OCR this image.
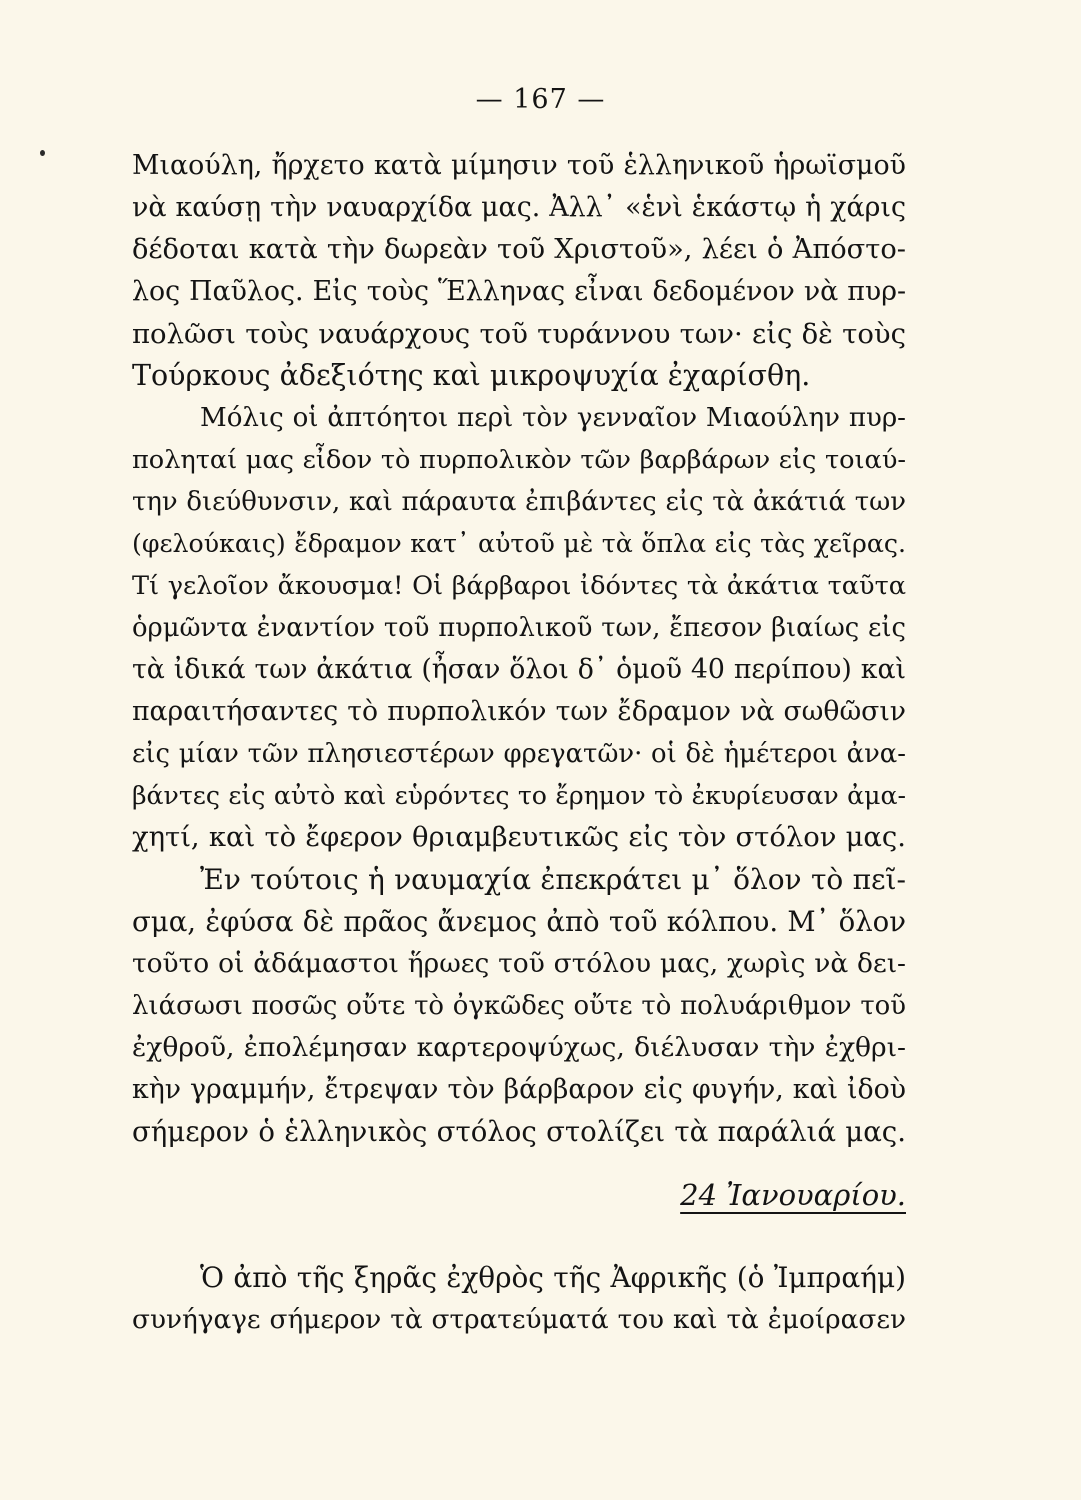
— 167 —
Μιαούλη, ἤρχετο κατὰ μίμησιν τοῦ ἑλληνικοῦ ἡρωϊσμοῦ
νὰ καύσῃ τὴν ναυαρχίδα μας. Ἀλλ᾽ «ἑνὶ ἑκάστῳ ἡ χάρις
δέδοται κατὰ τὴν δωρεὰν τοῦ Χριστοῦ», λέει ὁ Ἀπόστο-
λος Παῦλος. Εἰς τοὺς Ἕλληνας εἶναι δεδομένον νὰ πυρ-
πολῶσι τοὺς ναυάρχους τοῦ τυράννου των· εἰς δὲ τοὺς
Τούρκους ἀδεξιότης καὶ μικροψυχία ἐχαρίσθη.
Μόλις οἱ ἀπτόητοι περὶ τὸν γενναῖον Μιαούλην πυρ-
ποληταί μας εἶδον τὸ πυρπολικὸν τῶν βαρβάρων εἰς τοιαύ-
την διεύθυνσιν, καὶ πάραυτα ἐπιβάντες εἰς τὰ ἀκάτιά των
(φελούκαις) ἔδραμον κατ᾽ αὐτοῦ μὲ τὰ ὅπλα εἰς τὰς χεῖρας.
Τί γελοῖον ἄκουσμα! Οἱ βάρβαροι ἰδόντες τὰ ἀκάτια ταῦτα
ὁρμῶντα ἐναντίον τοῦ πυρπολικοῦ των, ἔπεσον βιαίως εἰς
τὰ ἰδικά των ἀκάτια (ἦσαν ὅλοι δ᾽ ὁμοῦ 40 περίπου) καὶ
παραιτήσαντες τὸ πυρπολικόν των ἔδραμον νὰ σωθῶσιν
εἰς μίαν τῶν πλησιεστέρων φρεγατῶν· οἱ δὲ ἡμέτεροι ἀνα-
βάντες εἰς αὐτὸ καὶ εὑρόντες το ἔρημον τὸ ἐκυρίευσαν ἀμα-
χητί, καὶ τὸ ἔφερον θριαμβευτικῶς εἰς τὸν στόλον μας.
Ἐν τούτοις ἡ ναυμαχία ἐπεκράτει μ᾽ ὅλον τὸ πεῖ-
σμα, ἐφύσα δὲ πρᾶος ἄνεμος ἀπὸ τοῦ κόλπου. Μ᾽ ὅλον
τοῦτο οἱ ἀδάμαστοι ἥρωες τοῦ στόλου μας, χωρὶς νὰ δει-
λιάσωσι ποσῶς οὔτε τὸ ὀγκῶδες οὔτε τὸ πολυάριθμον τοῦ
ἐχθροῦ, ἐπολέμησαν καρτεροψύχως, διέλυσαν τὴν ἐχθρι-
κὴν γραμμήν, ἔτρεψαν τὸν βάρβαρον εἰς φυγήν, καὶ ἰδοὺ
σήμερον ὁ ἑλληνικὸς στόλος στολίζει τὰ παράλιά μας.
24 Ἰανουαρίου.
Ὁ ἀπὸ τῆς ξηρᾶς ἐχθρὸς τῆς Ἀφρικῆς (ὁ Ἰμπραήμ)
συνήγαγε σήμερον τὰ στρατεύματά του καὶ τὰ ἐμοίρασεν
